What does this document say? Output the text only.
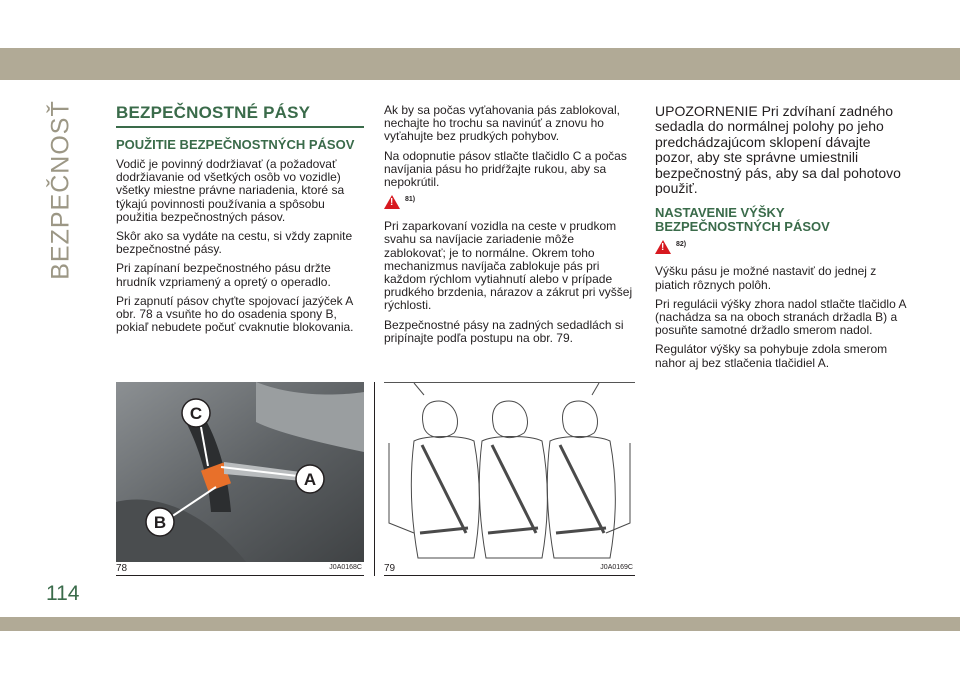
BEZPEČNOSŤ BEZPEČNOSTNÉ PÁSY
POUŽITIE BEZPEČNOSTNÝCH PÁSOV

Vodič je povinný dodržiavať (a požadovať dodržiavanie od všetkých osôb vo vozidle) všetky miestne právne nariadenia, ktoré sa týkajú povinnosti používania a spôsobu použitia bezpečnostných pásov.

Skôr ako sa vydáte na cestu, si vždy zapnite bezpečnostné pásy.

Pri zapínaní bezpečnostného pásu držte hrudník vzpriamený a opretý o operadlo.

Pri zapnutí pásov chyťte spojovací jazýček A obr. 78 a vsuňte ho do osadenia spony B, pokiaľ nebudete počuť cvaknutie blokovania.

Ak by sa počas vyťahovania pás zablokoval, nechajte ho trochu sa navinúť a znovu ho vyťahujte bez prudkých pohybov.

Na odopnutie pásov stlačte tlačidlo C a počas navíjania pásu ho pridŕžajte rukou, aby sa nepokrútil.

!
81)

Pri zaparkovaní vozidla na ceste v prudkom svahu sa navíjacie zariadenie môže zablokovať; je to normálne. Okrem toho mechanizmus navíjača zablokuje pás pri každom rýchlom vytiahnutí alebo v prípade prudkého brzdenia, nárazov a zákrut pri vyššej rýchlosti.

Bezpečnostné pásy na zadných sedadlách si pripínajte podľa postupu na obr. 79.

UPOZORNENIE Pri zdvíhaní zadného sedadla do normálnej polohy po jeho predchádzajúcom sklopení dávajte pozor, aby ste správne umiestnili bezpečnostný pás, aby sa dal pohotovo použiť.

NASTAVENIE VÝŠKY BEZPEČNOSTNÝCH PÁSOV
!
82)

Výšku pásu je možné nastaviť do jednej z piatich rôznych polôh.

Pri regulácii výšky zhora nadol stlačte tlačidlo A (nachádza sa na oboch stranách držadla B) a posuňte samotné držadlo smerom nadol.

Regulátor výšky sa pohybuje zdola smerom nahor aj bez stlačenia tlačidiel A.

A
B
C
78	J0A0168C 79	J0A0169C
114
